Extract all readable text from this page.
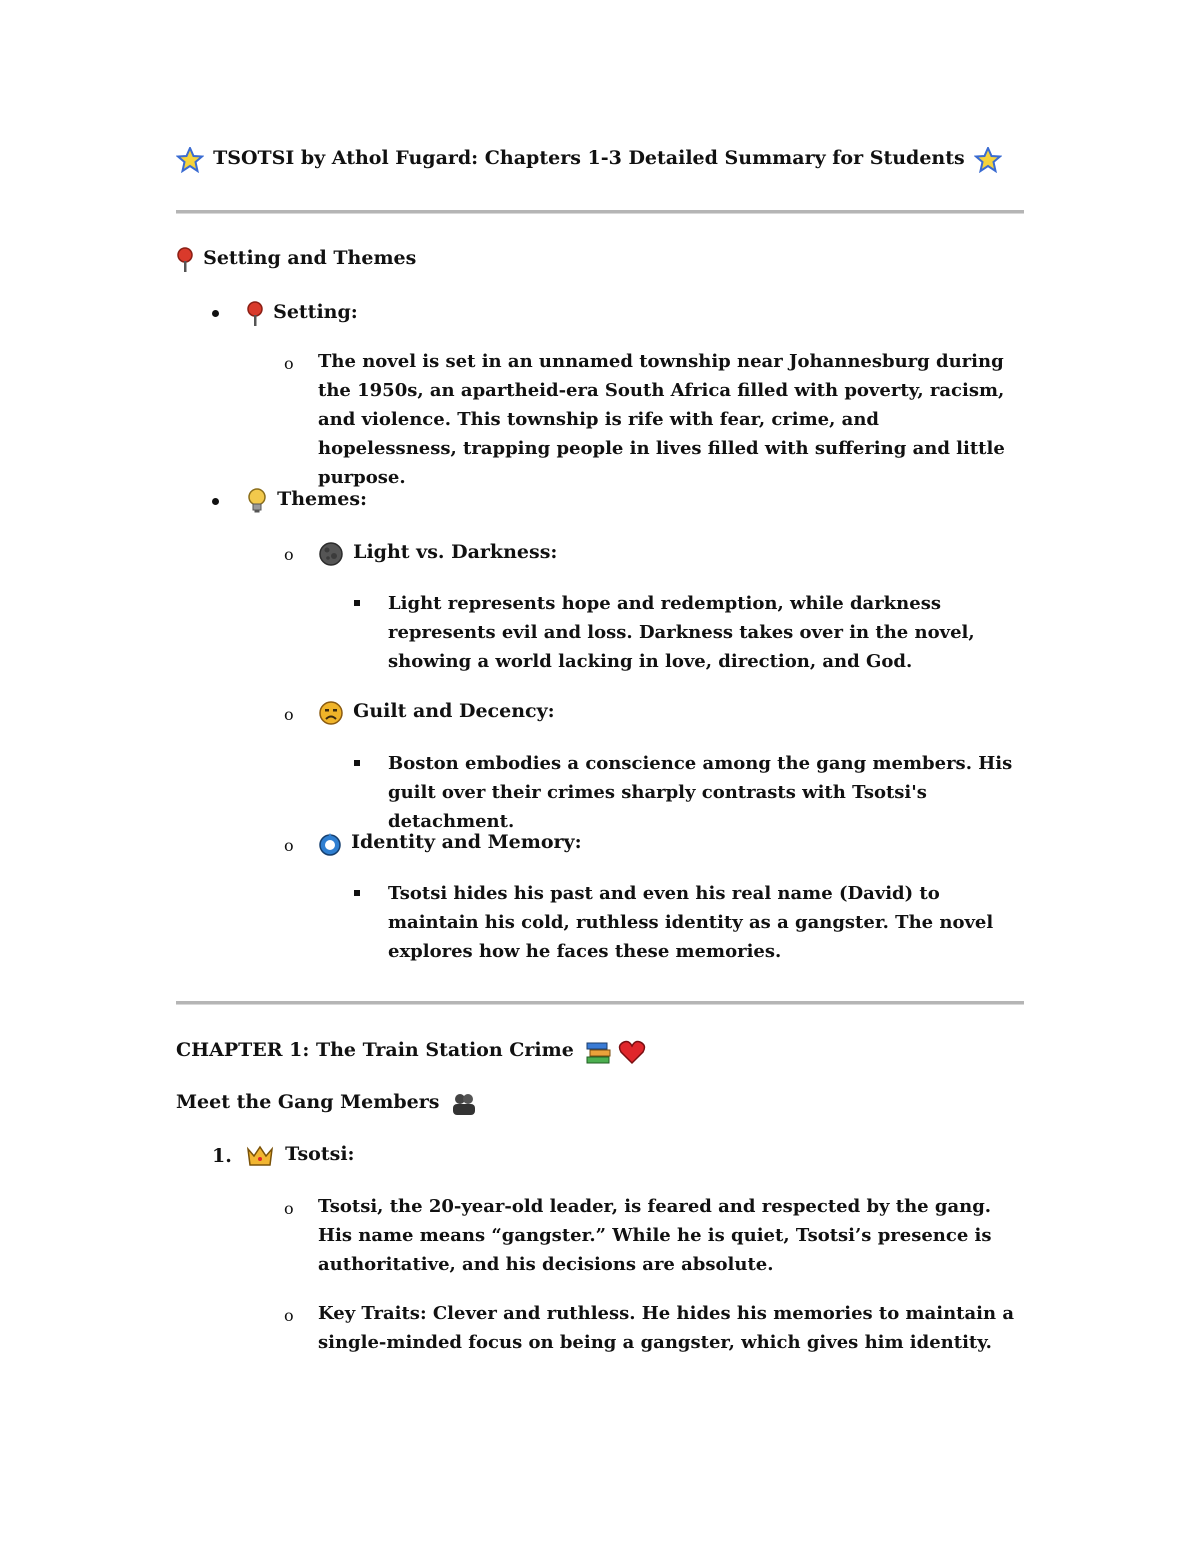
TSOTSI by Athol Fugard: Chapters 1-3 Detailed Summary for Students
Setting and Themes
Setting:
o The novel is set in an unnamed township near Johannesburg during the 1950s, an apartheid-era South Africa filled with poverty, racism, and violence. This township is rife with fear, crime, and hopelessness, trapping people in lives filled with suffering and little purpose.
Themes:
o	Light vs. Darkness:
Light represents hope and redemption, while darkness represents evil and loss. Darkness takes over in the novel, showing a world lacking in love, direction, and God.
o	Guilt and Decency:
Boston embodies a conscience among the gang members. His guilt over their crimes sharply contrasts with Tsotsi's detachment.
o	Identity and Memory:
Tsotsi hides his past and even his real name (David) to maintain his cold, ruthless identity as a gangster. The novel explores how he faces these memories.
CHAPTER 1: The Train Station Crime
Meet the Gang Members
1.	Tsotsi:
o Tsotsi, the 20-year-old leader, is feared and respected by the gang. His name means “gangster.” While he is quiet, Tsotsi’s presence is authoritative, and his decisions are absolute.
o Key Traits: Clever and ruthless. He hides his memories to maintain a single-minded focus on being a gangster, which gives him identity.
